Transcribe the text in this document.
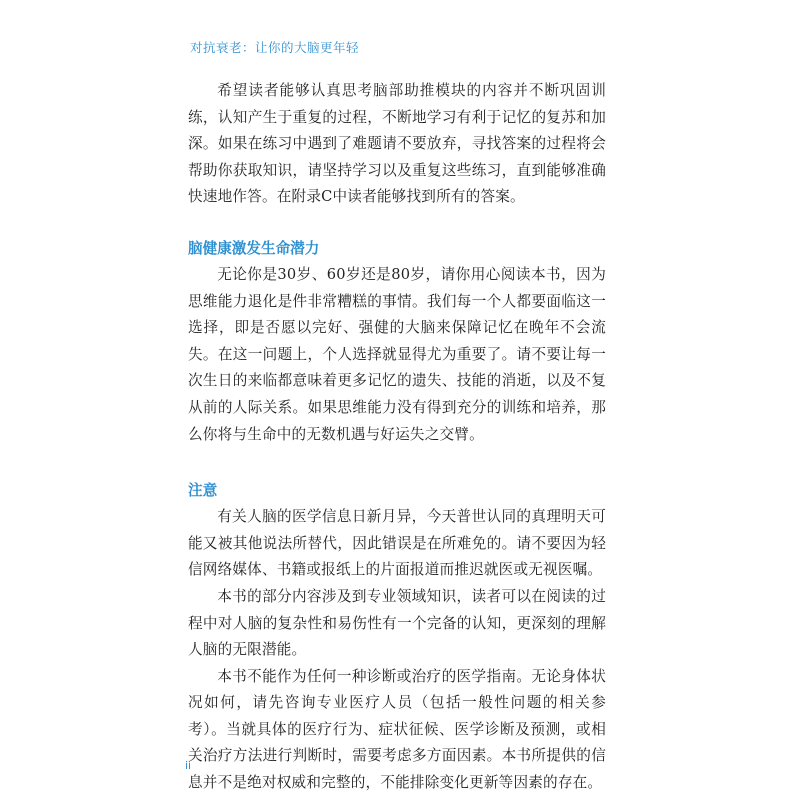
对抗衰老：让你的大脑更年轻

希望读者能够认真思考脑部助推模块的内容并不断巩固训练，认知产生于重复的过程，不断地学习有利于记忆的复苏和加深。如果在练习中遇到了难题请不要放弃，寻找答案的过程将会帮助你获取知识，请坚持学习以及重复这些练习，直到能够准确快速地作答。在附录C中读者能够找到所有的答案。

脑健康激发生命潜力

无论你是30岁、60岁还是80岁，请你用心阅读本书，因为思维能力退化是件非常糟糕的事情。我们每一个人都要面临这一选择，即是否愿以完好、强健的大脑来保障记忆在晚年不会流失。在这一问题上，个人选择就显得尤为重要了。请不要让每一次生日的来临都意味着更多记忆的遗失、技能的消逝，以及不复从前的人际关系。如果思维能力没有得到充分的训练和培养，那么你将与生命中的无数机遇与好运失之交臂。

注意

有关人脑的医学信息日新月异，今天普世认同的真理明天可能又被其他说法所替代，因此错误是在所难免的。请不要因为轻信网络媒体、书籍或报纸上的片面报道而推迟就医或无视医嘱。

本书的部分内容涉及到专业领域知识，读者可以在阅读的过程中对人脑的复杂性和易伤性有一个完备的认知，更深刻的理解人脑的无限潜能。

本书不能作为任何一种诊断或治疗的医学指南。无论身体状况如何，请先咨询专业医疗人员（包括一般性问题的相关参考）。当就具体的医疗行为、症状征候、医学诊断及预测，或相关治疗方法进行判断时，需要考虑多方面因素。本书所提供的信息并不是绝对权威和完整的，不能排除变化更新等因素的存在。

ii
